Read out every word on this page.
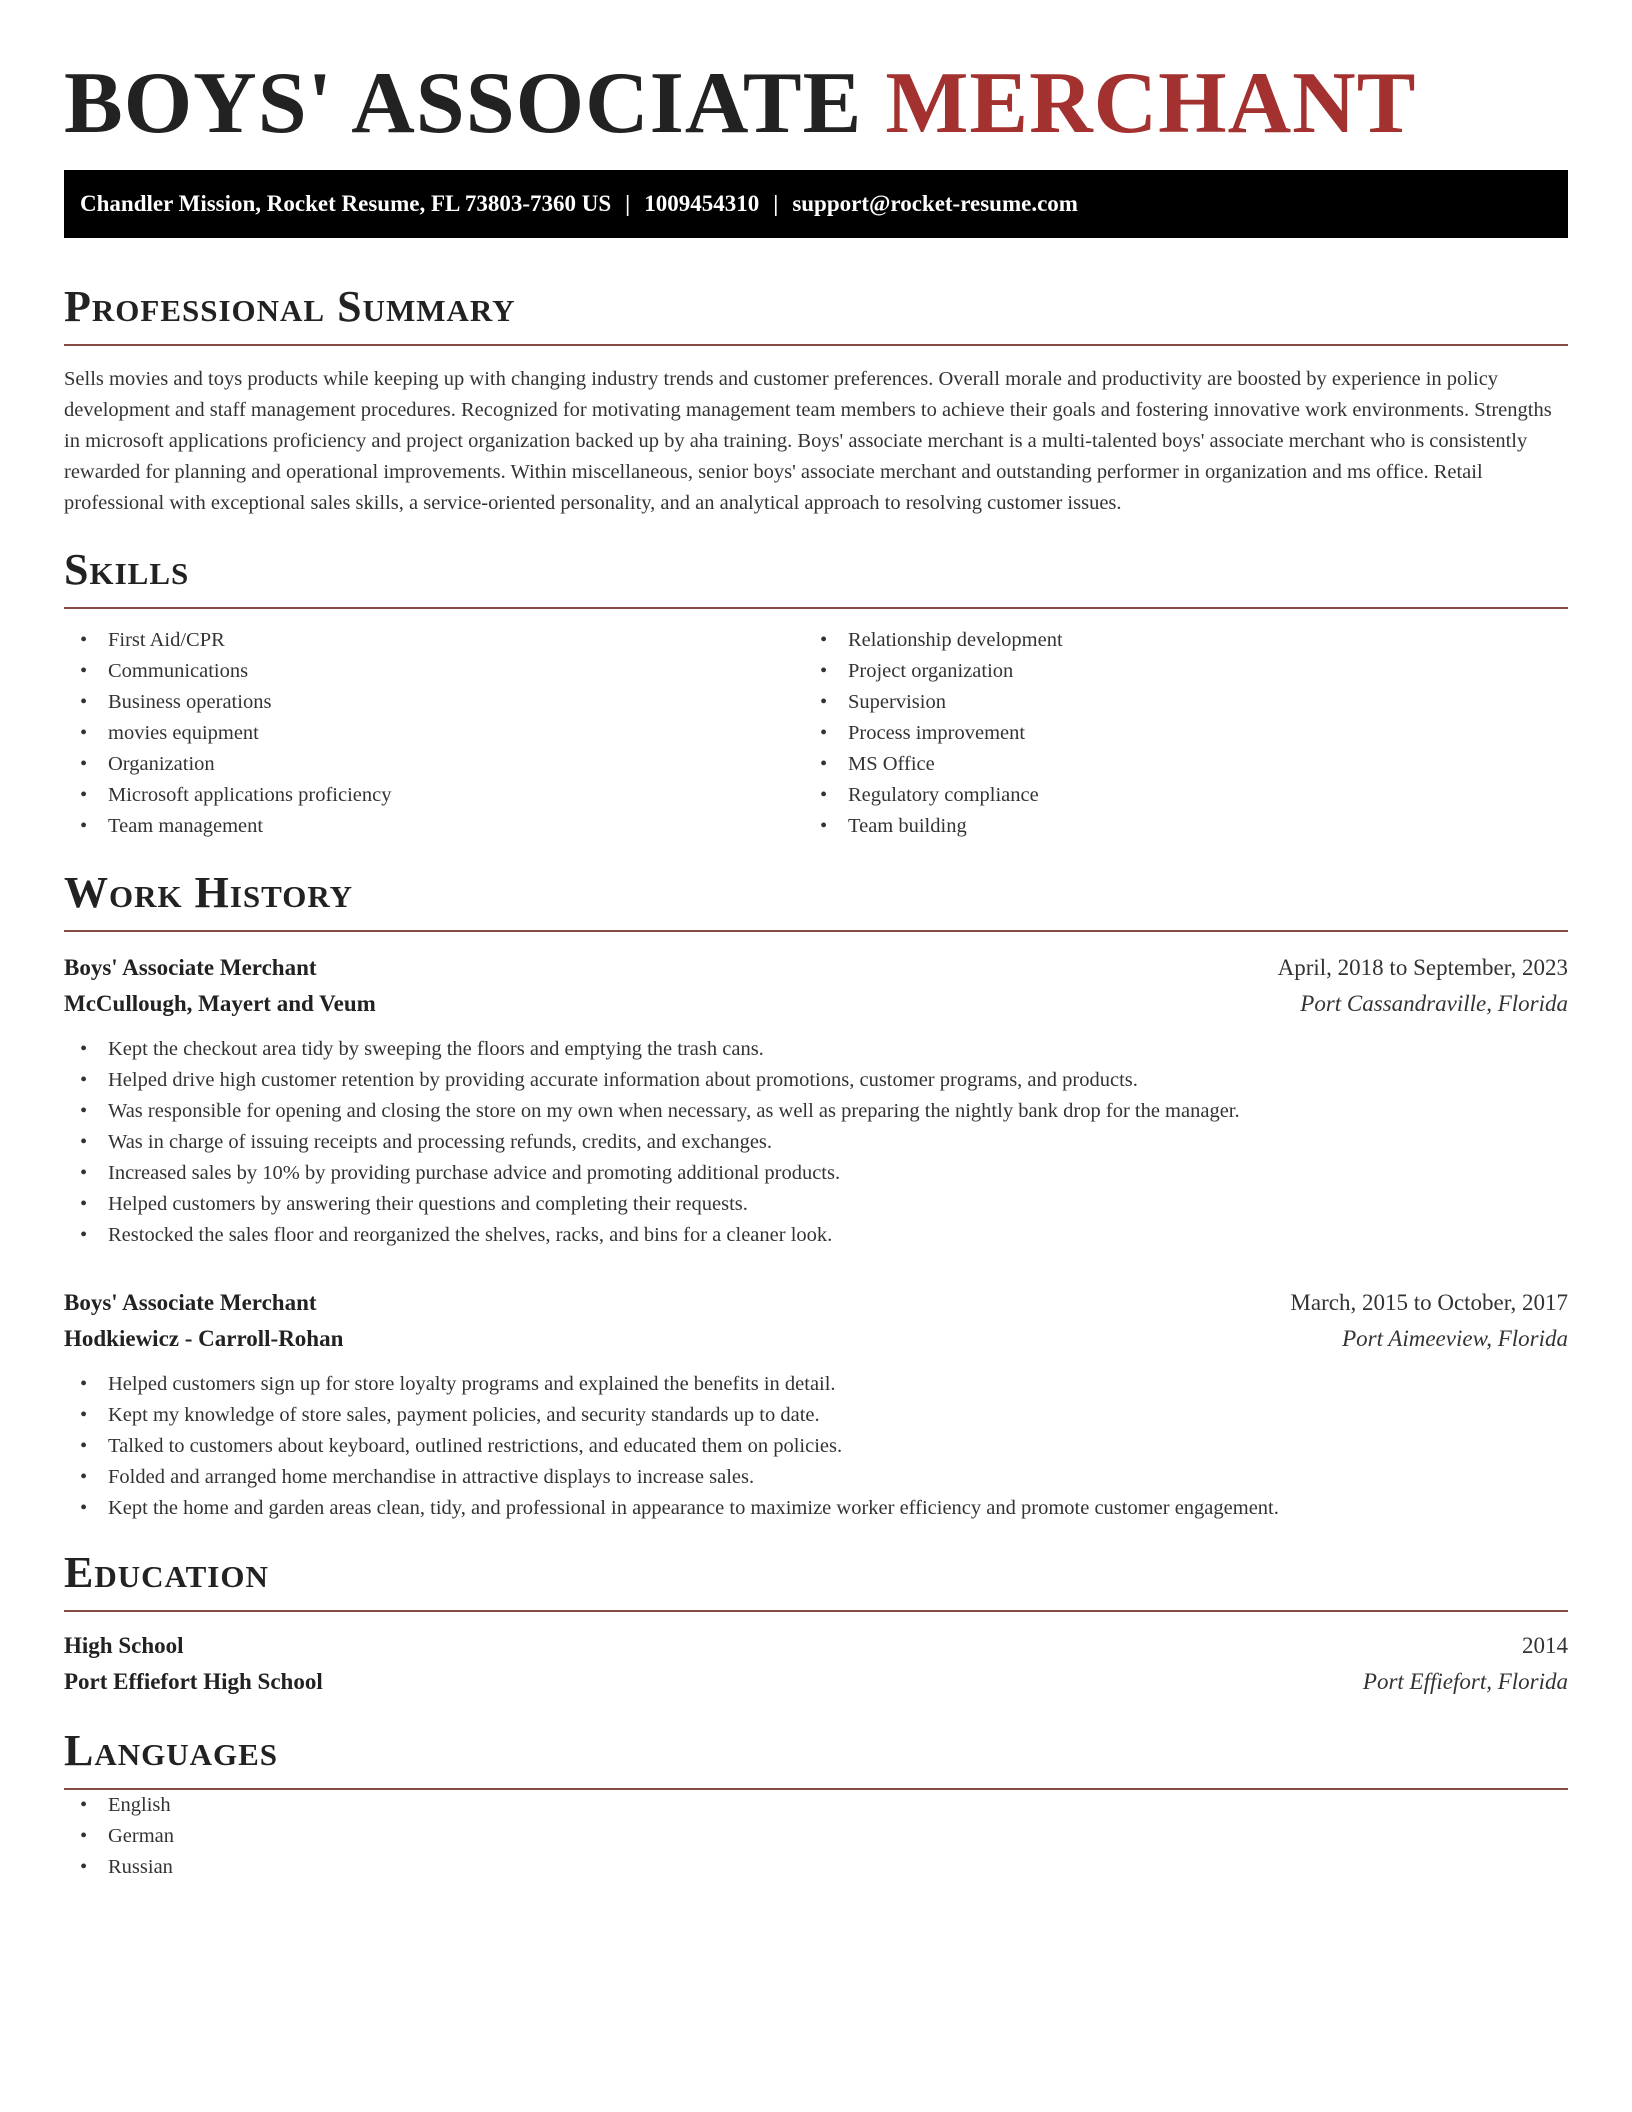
BOYS' ASSOCIATE MERCHANT
Chandler Mission, Rocket Resume, FL 73803-7360 US | 1009454310 | support@rocket-resume.com
Professional Summary

Sells movies and toys products while keeping up with changing industry trends and customer preferences. Overall morale and productivity are boosted by experience in policy development and staff management procedures. Recognized for motivating management team members to achieve their goals and fostering innovative work environments. Strengths in microsoft applications proficiency and project organization backed up by aha training. Boys' associate merchant is a multi-talented boys' associate merchant who is consistently rewarded for planning and operational improvements. Within miscellaneous, senior boys' associate merchant and outstanding performer in organization and ms office. Retail professional with exceptional sales skills, a service-oriented personality, and an analytical approach to resolving customer issues.

Skills
• First Aid/CPR
• Communications
• Business operations
• movies equipment
• Organization
• Microsoft applications proficiency
• Team management
• Relationship development
• Project organization
• Supervision
• Process improvement
• MS Office
• Regulatory compliance
• Team building
Work History
Boys' Associate Merchant	April, 2018 to September, 2023
McCullough, Mayert and Veum	Port Cassandraville, Florida
• Kept the checkout area tidy by sweeping the floors and emptying the trash cans.
• Helped drive high customer retention by providing accurate information about promotions, customer programs, and products.
• Was responsible for opening and closing the store on my own when necessary, as well as preparing the nightly bank drop for the manager.
• Was in charge of issuing receipts and processing refunds, credits, and exchanges.
• Increased sales by 10% by providing purchase advice and promoting additional products.
• Helped customers by answering their questions and completing their requests.
• Restocked the sales floor and reorganized the shelves, racks, and bins for a cleaner look.
Boys' Associate Merchant	March, 2015 to October, 2017
Hodkiewicz - Carroll-Rohan	Port Aimeeview, Florida
• Helped customers sign up for store loyalty programs and explained the benefits in detail.
• Kept my knowledge of store sales, payment policies, and security standards up to date.
• Talked to customers about keyboard, outlined restrictions, and educated them on policies.
• Folded and arranged home merchandise in attractive displays to increase sales.
• Kept the home and garden areas clean, tidy, and professional in appearance to maximize worker efficiency and promote customer engagement.
Education
High School	2014
Port Effiefort High School	Port Effiefort, Florida
Languages
• English
• German
• Russian
